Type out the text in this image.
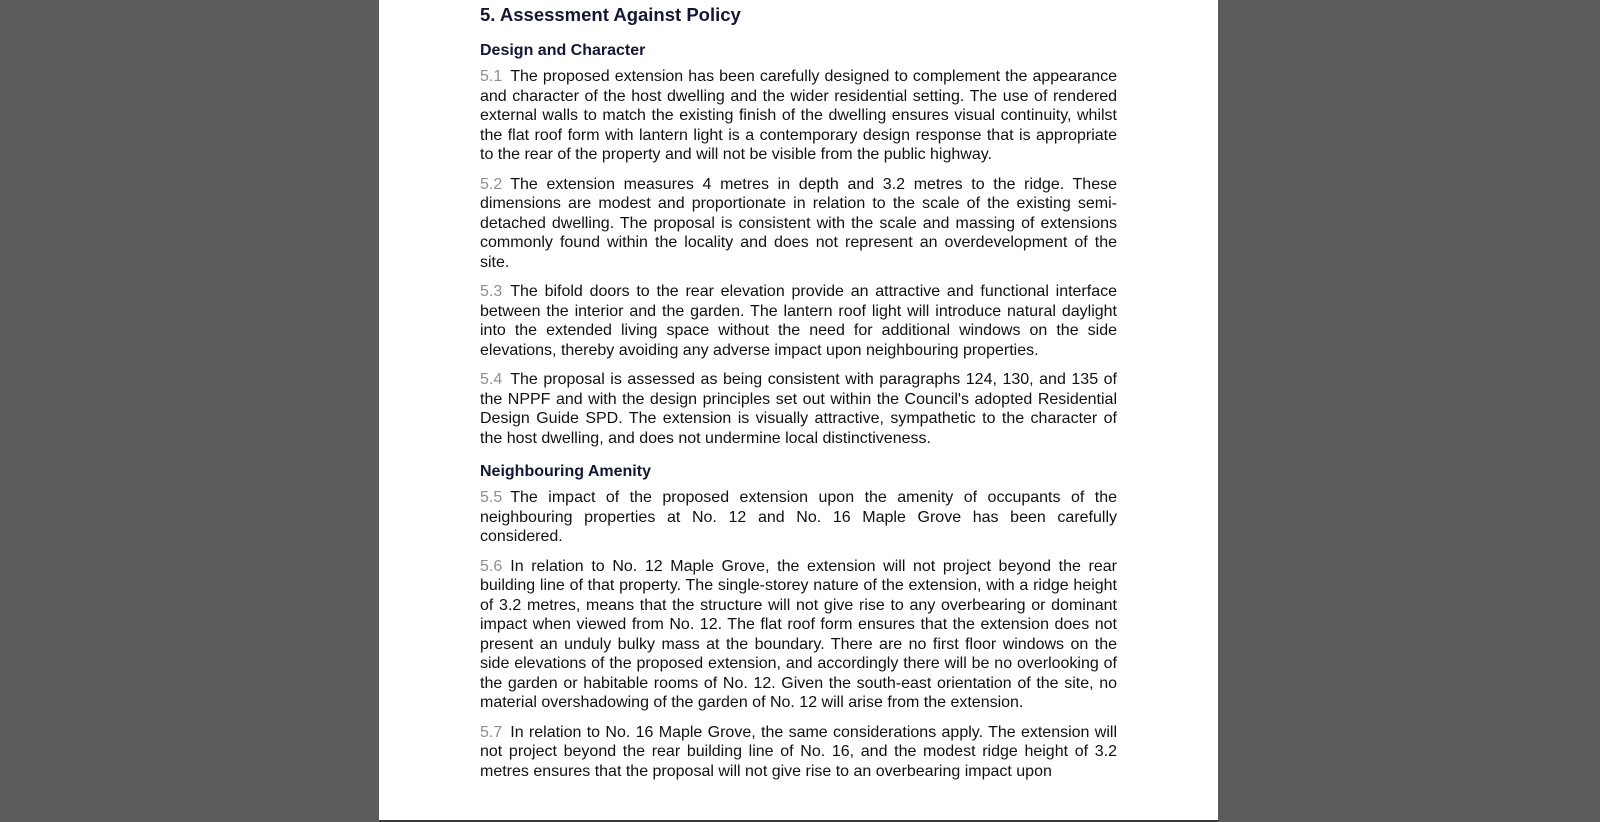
5. Assessment Against Policy
Design and Character

5.1 The proposed extension has been carefully designed to complement the appearance and character of the host dwelling and the wider residential setting. The use of rendered external walls to match the existing finish of the dwelling ensures visual continuity, whilst the flat roof form with lantern light is a contemporary design response that is appropriate to the rear of the property and will not be visible from the public highway.

5.2 The extension measures 4 metres in depth and 3.2 metres to the ridge. These dimensions are modest and proportionate in relation to the scale of the existing semi-detached dwelling. The proposal is consistent with the scale and massing of extensions commonly found within the locality and does not represent an overdevelopment of the site.

5.3 The bifold doors to the rear elevation provide an attractive and functional interface between the interior and the garden. The lantern roof light will introduce natural daylight into the extended living space without the need for additional windows on the side elevations, thereby avoiding any adverse impact upon neighbouring properties.

5.4 The proposal is assessed as being consistent with paragraphs 124, 130, and 135 of the NPPF and with the design principles set out within the Council's adopted Residential Design Guide SPD. The extension is visually attractive, sympathetic to the character of the host dwelling, and does not undermine local distinctiveness.

Neighbouring Amenity

5.5 The impact of the proposed extension upon the amenity of occupants of the neighbouring properties at No. 12 and No. 16 Maple Grove has been carefully considered.

5.6 In relation to No. 12 Maple Grove, the extension will not project beyond the rear building line of that property. The single-storey nature of the extension, with a ridge height of 3.2 metres, means that the structure will not give rise to any overbearing or dominant impact when viewed from No. 12. The flat roof form ensures that the extension does not present an unduly bulky mass at the boundary. There are no first floor windows on the side elevations of the proposed extension, and accordingly there will be no overlooking of the garden or habitable rooms of No. 12. Given the south-east orientation of the site, no material overshadowing of the garden of No. 12 will arise from the extension.

5.7 In relation to No. 16 Maple Grove, the same considerations apply. The extension will not project beyond the rear building line of No. 16, and the modest ridge height of 3.2 metres ensures that the proposal will not give rise to an overbearing impact upon
